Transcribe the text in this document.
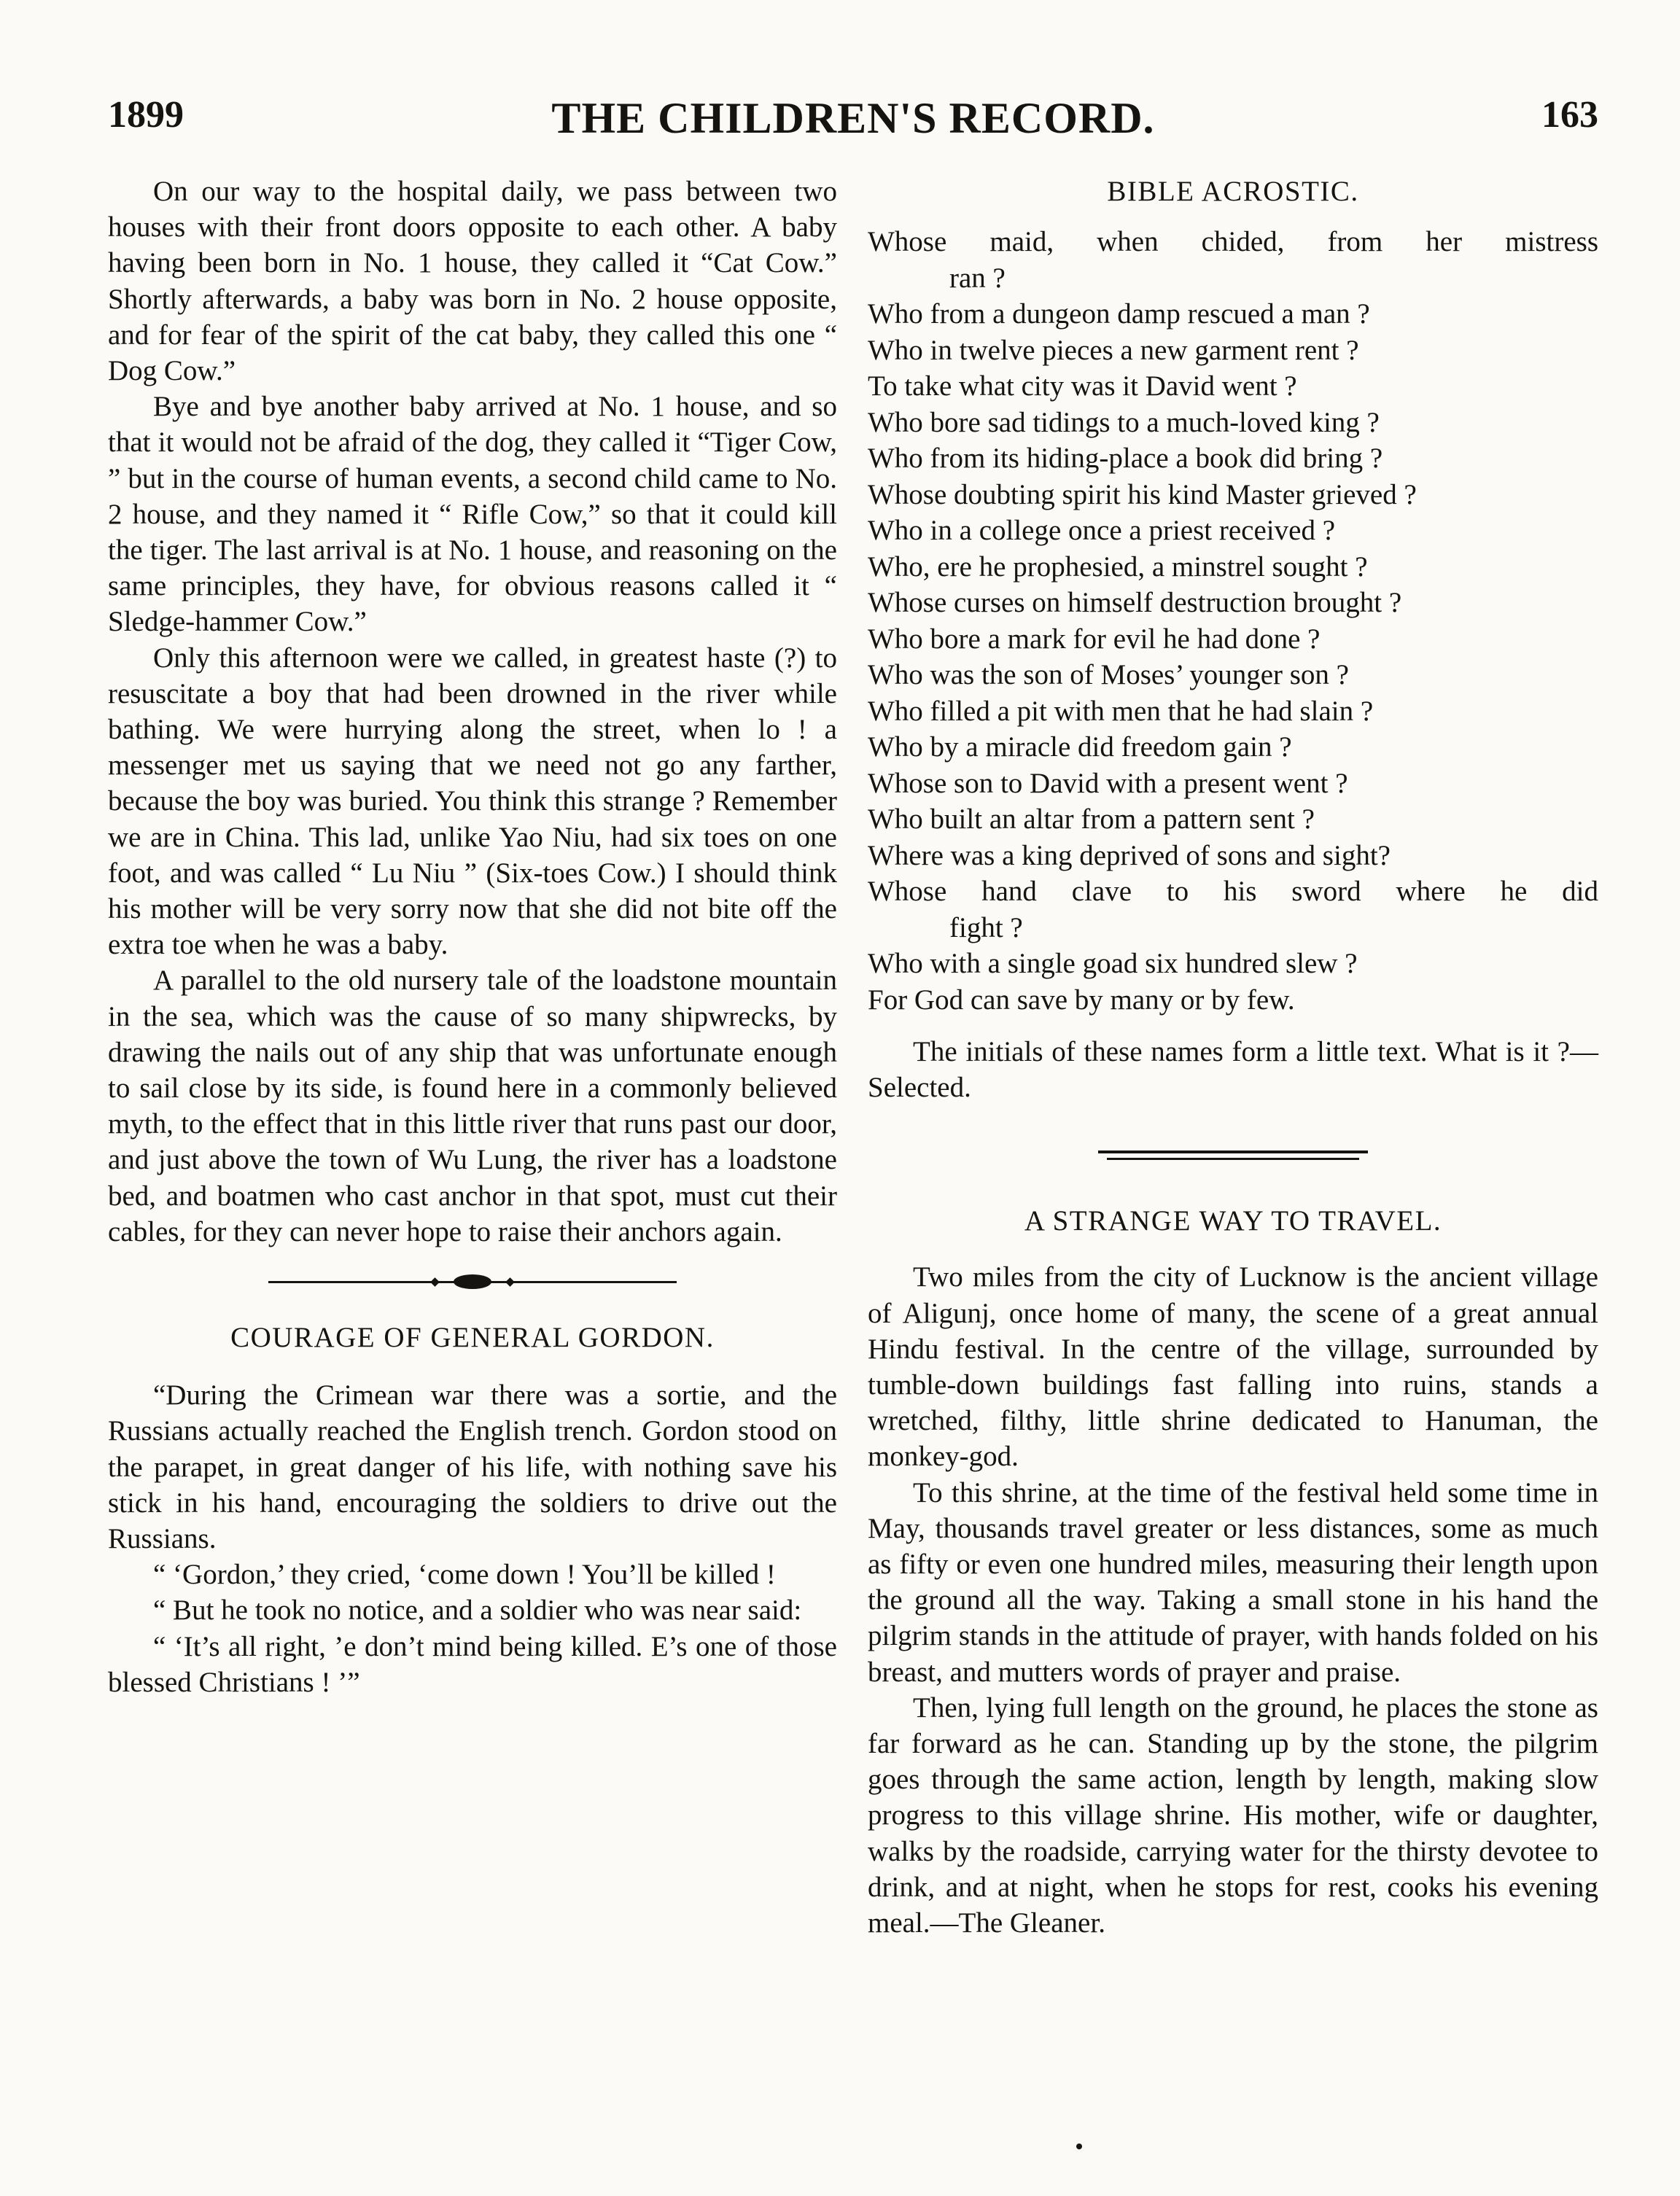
1899	THE CHILDREN'S RECORD.	163

On our way to the hospital daily, we pass between two houses with their front doors opposite to each other. A baby having been born in No. 1 house, they called it “Cat Cow.” Shortly afterwards, a baby was born in No. 2 house opposite, and for fear of the spirit of the cat baby, they called this one “ Dog Cow.”

Bye and bye another baby arrived at No. 1 house, and so that it would not be afraid of the dog, they called it “Tiger Cow, ” but in the course of human events, a second child came to No. 2 house, and they named it “ Rifle Cow,” so that it could kill the tiger. The last arrival is at No. 1 house, and reasoning on the same principles, they have, for obvious reasons called it “ Sledge-hammer Cow.”

Only this afternoon were we called, in greatest haste (?) to resuscitate a boy that had been drowned in the river while bathing. We were hurrying along the street, when lo ! a messenger met us saying that we need not go any farther, because the boy was buried. You think this strange ? Remember we are in China. This lad, unlike Yao Niu, had six toes on one foot, and was called “ Lu Niu ” (Six-toes Cow.) I should think his mother will be very sorry now that she did not bite off the extra toe when he was a baby.

A parallel to the old nursery tale of the loadstone mountain in the sea, which was the cause of so many shipwrecks, by drawing the nails out of any ship that was unfortunate enough to sail close by its side, is found here in a commonly believed myth, to the effect that in this little river that runs past our door, and just above the town of Wu Lung, the river has a loadstone bed, and boatmen who cast anchor in that spot, must cut their cables, for they can never hope to raise their anchors again.

COURAGE OF GENERAL GORDON.

“During the Crimean war there was a sortie, and the Russians actually reached the English trench. Gordon stood on the parapet, in great danger of his life, with nothing save his stick in his hand, encouraging the soldiers to drive out the Russians.

“ ‘Gordon,’ they cried, ‘come down ! You’ll be killed !

“ But he took no notice, and a soldier who was near said:

“ ‘It’s all right, ’e don’t mind being killed. E’s one of those blessed Christians ! ’”

BIBLE ACROSTIC.
Whose maid, when chided, from her mistress
ran ?
Who from a dungeon damp rescued a man ?
Who in twelve pieces a new garment rent ?
To take what city was it David went ?
Who bore sad tidings to a much-loved king ?
Who from its hiding-place a book did bring ?
Whose doubting spirit his kind Master grieved ?
Who in a college once a priest received ?
Who, ere he prophesied, a minstrel sought ?
Whose curses on himself destruction brought ?
Who bore a mark for evil he had done ?
Who was the son of Moses’ younger son ?
Who filled a pit with men that he had slain ?
Who by a miracle did freedom gain ?
Whose son to David with a present went ?
Who built an altar from a pattern sent ?
Where was a king deprived of sons and sight?
Whose hand clave to his sword where he did
fight ?
Who with a single goad six hundred slew ?
For God can save by many or by few.

The initials of these names form a little text. What is it ?—Selected.

A STRANGE WAY TO TRAVEL.

Two miles from the city of Lucknow is the ancient village of Aligunj, once home of many, the scene of a great annual Hindu festival. In the centre of the village, surrounded by tumble-down buildings fast falling into ruins, stands a wretched, filthy, little shrine dedicated to Hanuman, the monkey-god.

To this shrine, at the time of the festival held some time in May, thousands travel greater or less distances, some as much as fifty or even one hundred miles, measuring their length upon the ground all the way. Taking a small stone in his hand the pilgrim stands in the attitude of prayer, with hands folded on his breast, and mutters words of prayer and praise.

Then, lying full length on the ground, he places the stone as far forward as he can. Standing up by the stone, the pilgrim goes through the same action, length by length, making slow progress to this village shrine. His mother, wife or daughter, walks by the roadside, carrying water for the thirsty devotee to drink, and at night, when he stops for rest, cooks his evening meal.—The Gleaner.
